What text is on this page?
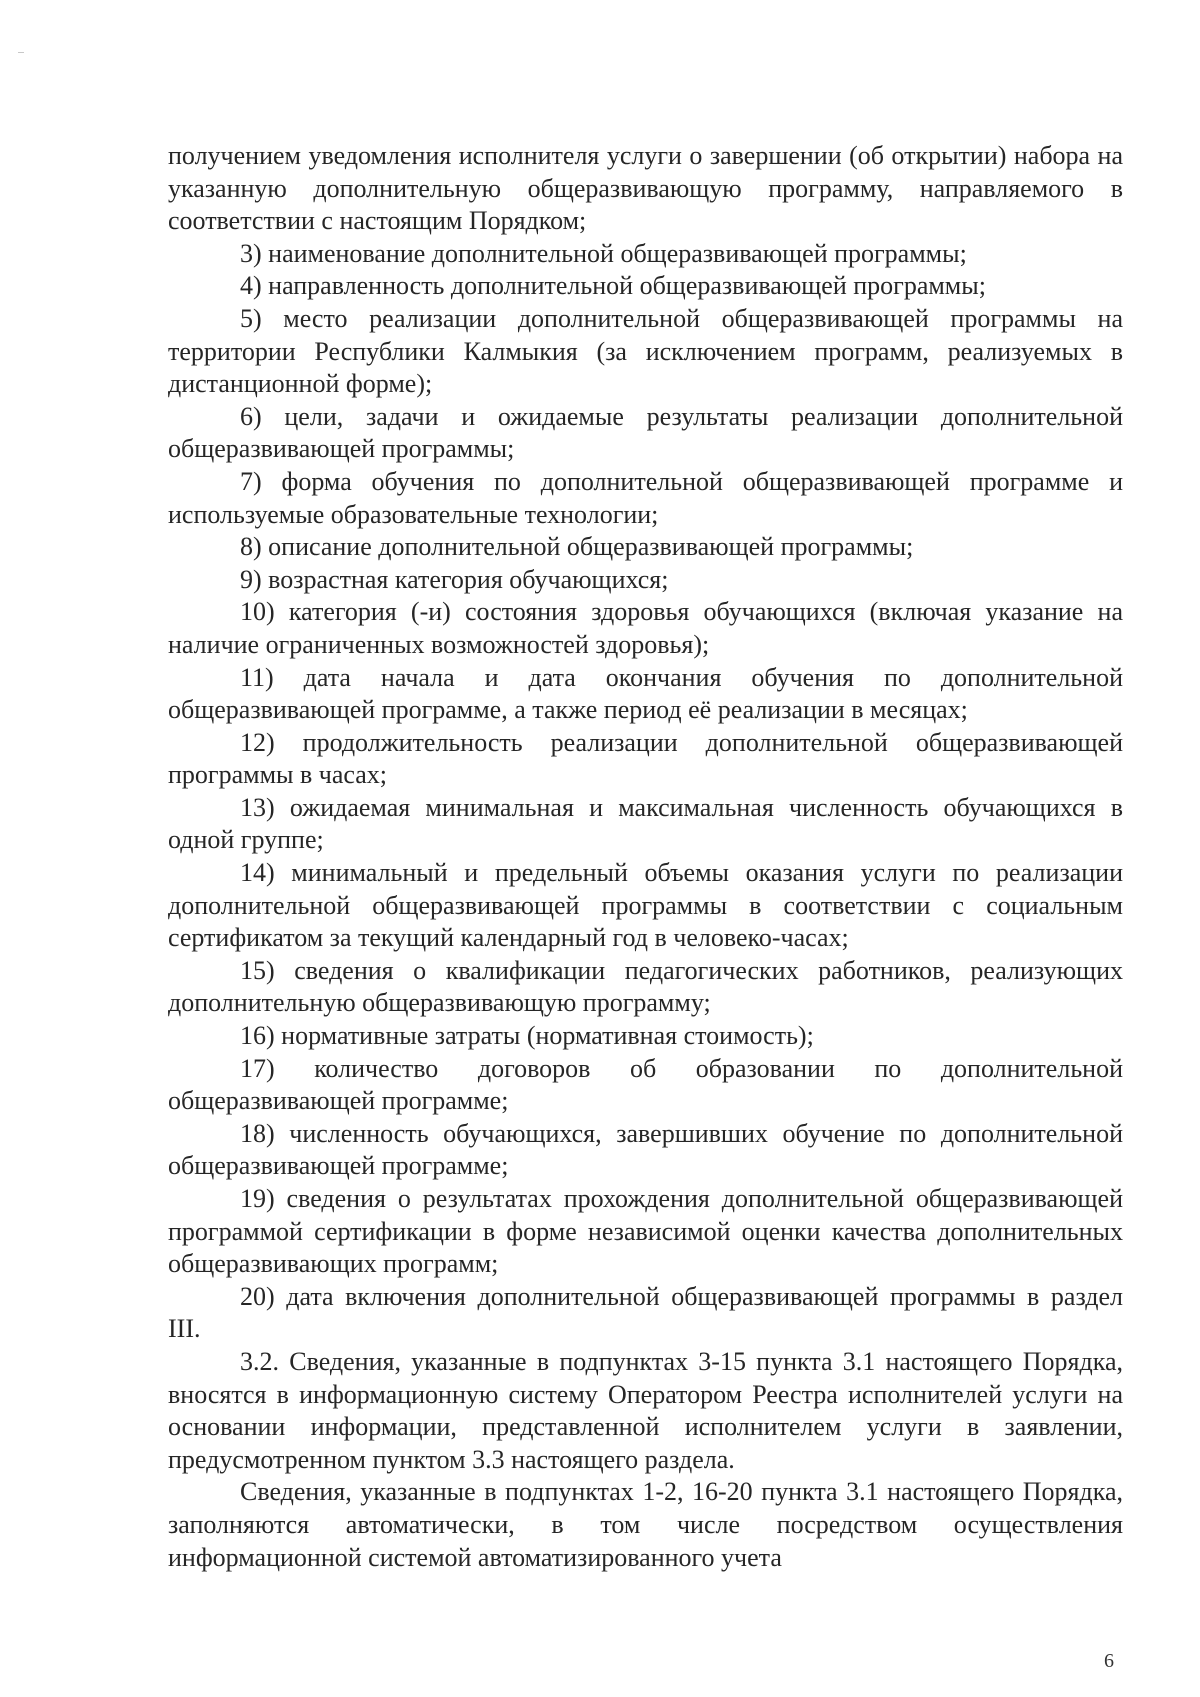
получением уведомления исполнителя услуги о завершении (об открытии) набора на указанную дополнительную общеразвивающую программу, направляемого в соответствии с настоящим Порядком;

3) наименование дополнительной общеразвивающей программы;

4) направленность дополнительной общеразвивающей программы;

5) место реализации дополнительной общеразвивающей программы на территории Республики Калмыкия (за исключением программ, реализуемых в дистанционной форме);

6) цели, задачи и ожидаемые результаты реализации дополнительной общеразвивающей программы;

7) форма обучения по дополнительной общеразвивающей программе и используемые образовательные технологии;

8) описание дополнительной общеразвивающей программы;

9) возрастная категория обучающихся;

10) категория (-и) состояния здоровья обучающихся (включая указание на наличие ограниченных возможностей здоровья);

11) дата начала и дата окончания обучения по дополнительной общеразвивающей программе, а также период её реализации в месяцах;

12) продолжительность реализации дополнительной общеразвивающей программы в часах;

13) ожидаемая минимальная и максимальная численность обучающихся в одной группе;

14) минимальный и предельный объемы оказания услуги по реализации дополнительной общеразвивающей программы в соответствии с социальным сертификатом за текущий календарный год в человеко-часах;

15) сведения о квалификации педагогических работников, реализующих дополнительную общеразвивающую программу;

16) нормативные затраты (нормативная стоимость);

17) количество договоров об образовании по дополнительной общеразвивающей программе;

18) численность обучающихся, завершивших обучение по дополнительной общеразвивающей программе;

19) сведения о результатах прохождения дополнительной общеразвивающей программой сертификации в форме независимой оценки качества дополнительных общеразвивающих программ;

20) дата включения дополнительной общеразвивающей программы в раздел III.

3.2. Сведения, указанные в подпунктах 3-15 пункта 3.1 настоящего Порядка, вносятся в информационную систему Оператором Реестра исполнителей услуги на основании информации, представленной исполнителем услуги в заявлении, предусмотренном пунктом 3.3 настоящего раздела.

Сведения, указанные в подпунктах 1-2, 16-20 пункта 3.1 настоящего Порядка, заполняются автоматически, в том числе посредством осуществления информационной системой автоматизированного учета

6
